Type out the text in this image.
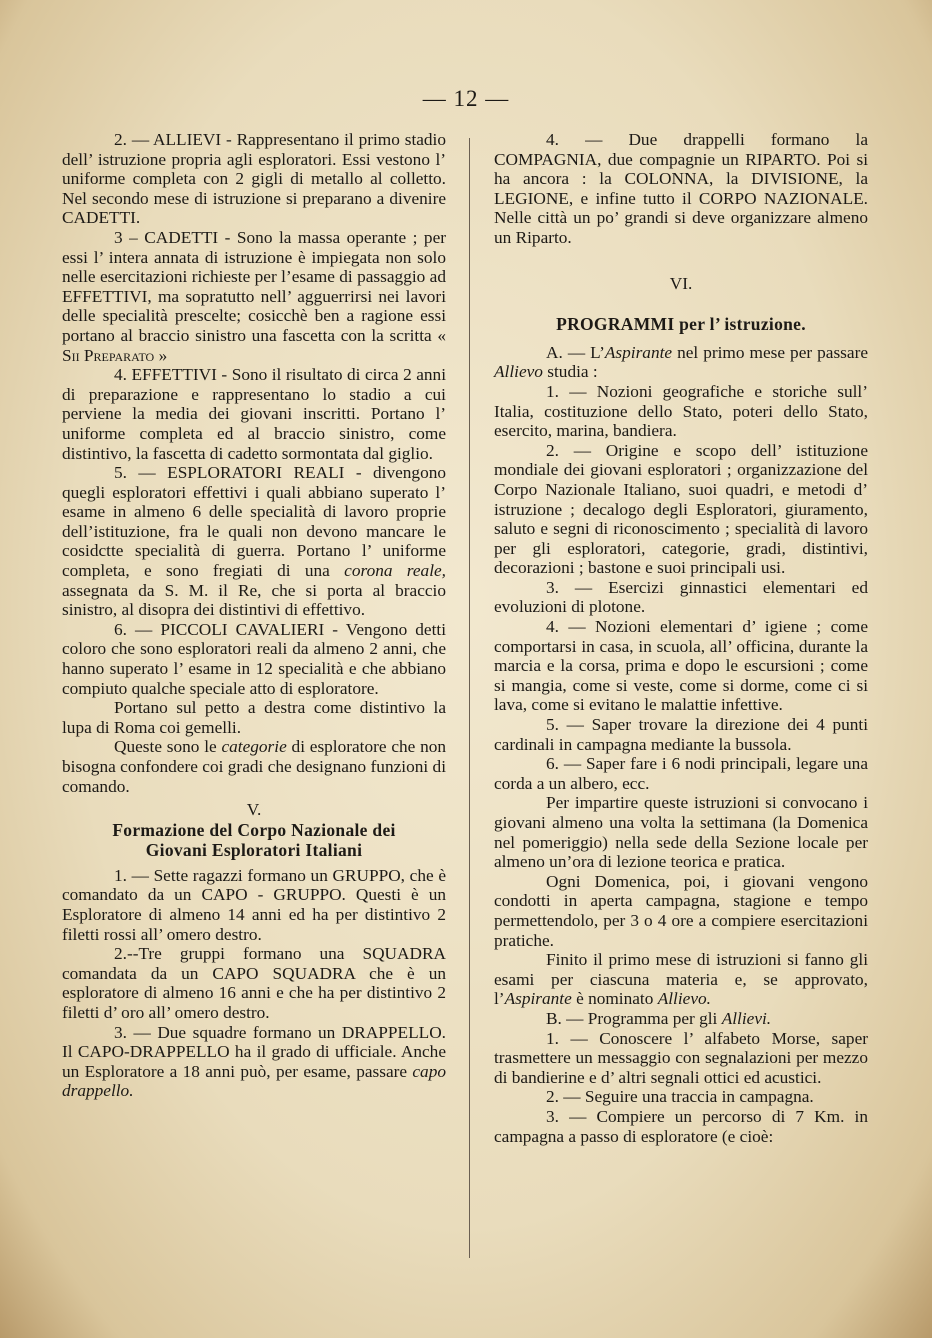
— 12 —

2. — ALLIEVI - Rappresentano il primo stadio dell’ istruzione propria agli esploratori. Essi vestono l’ uniforme completa con 2 gigli di metallo al colletto. Nel secondo mese di istruzione si preparano a divenire CADETTI.

3 – CADETTI - Sono la massa operante ; per essi l’ intera annata di istruzione è impiegata non solo nelle esercitazioni richieste per l’esame di passaggio ad EFFETTIVI, ma sopratutto nell’ agguerrirsi nei lavori delle specialità prescelte; cosicchè ben a ragione essi portano al braccio sinistro una fascetta con la scritta « Sii Preparato »

4. EFFETTIVI - Sono il risultato di circa 2 anni di preparazione e rappresentano lo stadio a cui perviene la media dei giovani inscritti. Portano l’ uniforme completa ed al braccio sinistro, come distintivo, la fascetta di cadetto sormontata dal giglio.

5. — ESPLORATORI REALI - divengono quegli esploratori effettivi i quali abbiano superato l’ esame in almeno 6 delle specialità di lavoro proprie dell’istituzione, fra le quali non devono mancare le cosidctte specialità di guerra. Portano l’ uniforme completa, e sono fregiati di una corona reale, assegnata da S. M. il Re, che si porta al braccio sinistro, al disopra dei distintivi di effettivo.

6. — PICCOLI CAVALIERI - Vengono detti coloro che sono esploratori reali da almeno 2 anni, che hanno superato l’ esame in 12 specialità e che abbiano compiuto qualche speciale atto di esploratore.

Portano sul petto a destra come distintivo la lupa di Roma coi gemelli.

Queste sono le categorie di esploratore che non bisogna confondere coi gradi che designano funzioni di comando.

V.
Formazione del Corpo Nazionale dei
Giovani Esploratori Italiani

1. — Sette ragazzi formano un GRUPPO, che è comandato da un CAPO - GRUPPO. Questi è un Esploratore di almeno 14 anni ed ha per distintivo 2 filetti rossi all’ omero destro.

2.--Tre gruppi formano una SQUADRA comandata da un CAPO SQUADRA che è un esploratore di almeno 16 anni e che ha per distintivo 2 filetti d’ oro all’ omero destro.

3. — Due squadre formano un DRAPPELLO. Il CAPO-DRAPPELLO ha il grado di ufficiale. Anche un Esploratore a 18 anni può, per esame, passare capo drappello.

4. — Due drappelli formano la COMPAGNIA, due compagnie un RIPARTO. Poi si ha ancora : la COLONNA, la DIVISIONE, la LEGIONE, e infine tutto il CORPO NAZIONALE. Nelle città un po’ grandi si deve organizzare almeno un Riparto.

VI.
PROGRAMMI per l’ istruzione.

A. — L’Aspirante nel primo mese per passare Allievo studia :

1. — Nozioni geografiche e storiche sull’ Italia, costituzione dello Stato, poteri dello Stato, esercito, marina, bandiera.

2. — Origine e scopo dell’ istituzione mondiale dei giovani esploratori ; organizzazione del Corpo Nazionale Italiano, suoi quadri, e metodi d’ istruzione ; decalogo degli Esploratori, giuramento, saluto e segni di riconoscimento ; specialità di lavoro per gli esploratori, categorie, gradi, distintivi, decorazioni ; bastone e suoi principali usi.

3. — Esercizi ginnastici elementari ed evoluzioni di plotone.

4. — Nozioni elementari d’ igiene ; come comportarsi in casa, in scuola, all’ officina, durante la marcia e la corsa, prima e dopo le escursioni ; come si mangia, come si veste, come si dorme, come ci si lava, come si evitano le malattie infettive.

5. — Saper trovare la direzione dei 4 punti cardinali in campagna mediante la bussola.

6. — Saper fare i 6 nodi principali, legare una corda a un albero, ecc.

Per impartire queste istruzioni si convocano i giovani almeno una volta la settimana (la Domenica nel pomeriggio) nella sede della Sezione locale per almeno un’ora di lezione teorica e pratica.

Ogni Domenica, poi, i giovani vengono condotti in aperta campagna, stagione e tempo permettendolo, per 3 o 4 ore a compiere esercitazioni pratiche.

Finito il primo mese di istruzioni si fanno gli esami per ciascuna materia e, se approvato, l’Aspirante è nominato Allievo.

B. — Programma per gli Allievi.

1. — Conoscere l’ alfabeto Morse, saper trasmettere un messaggio con segnalazioni per mezzo di bandierine e d’ altri segnali ottici ed acustici.

2. — Seguire una traccia in campagna.

3. — Compiere un percorso di 7 Km. in campagna a passo di esploratore (e cioè:
